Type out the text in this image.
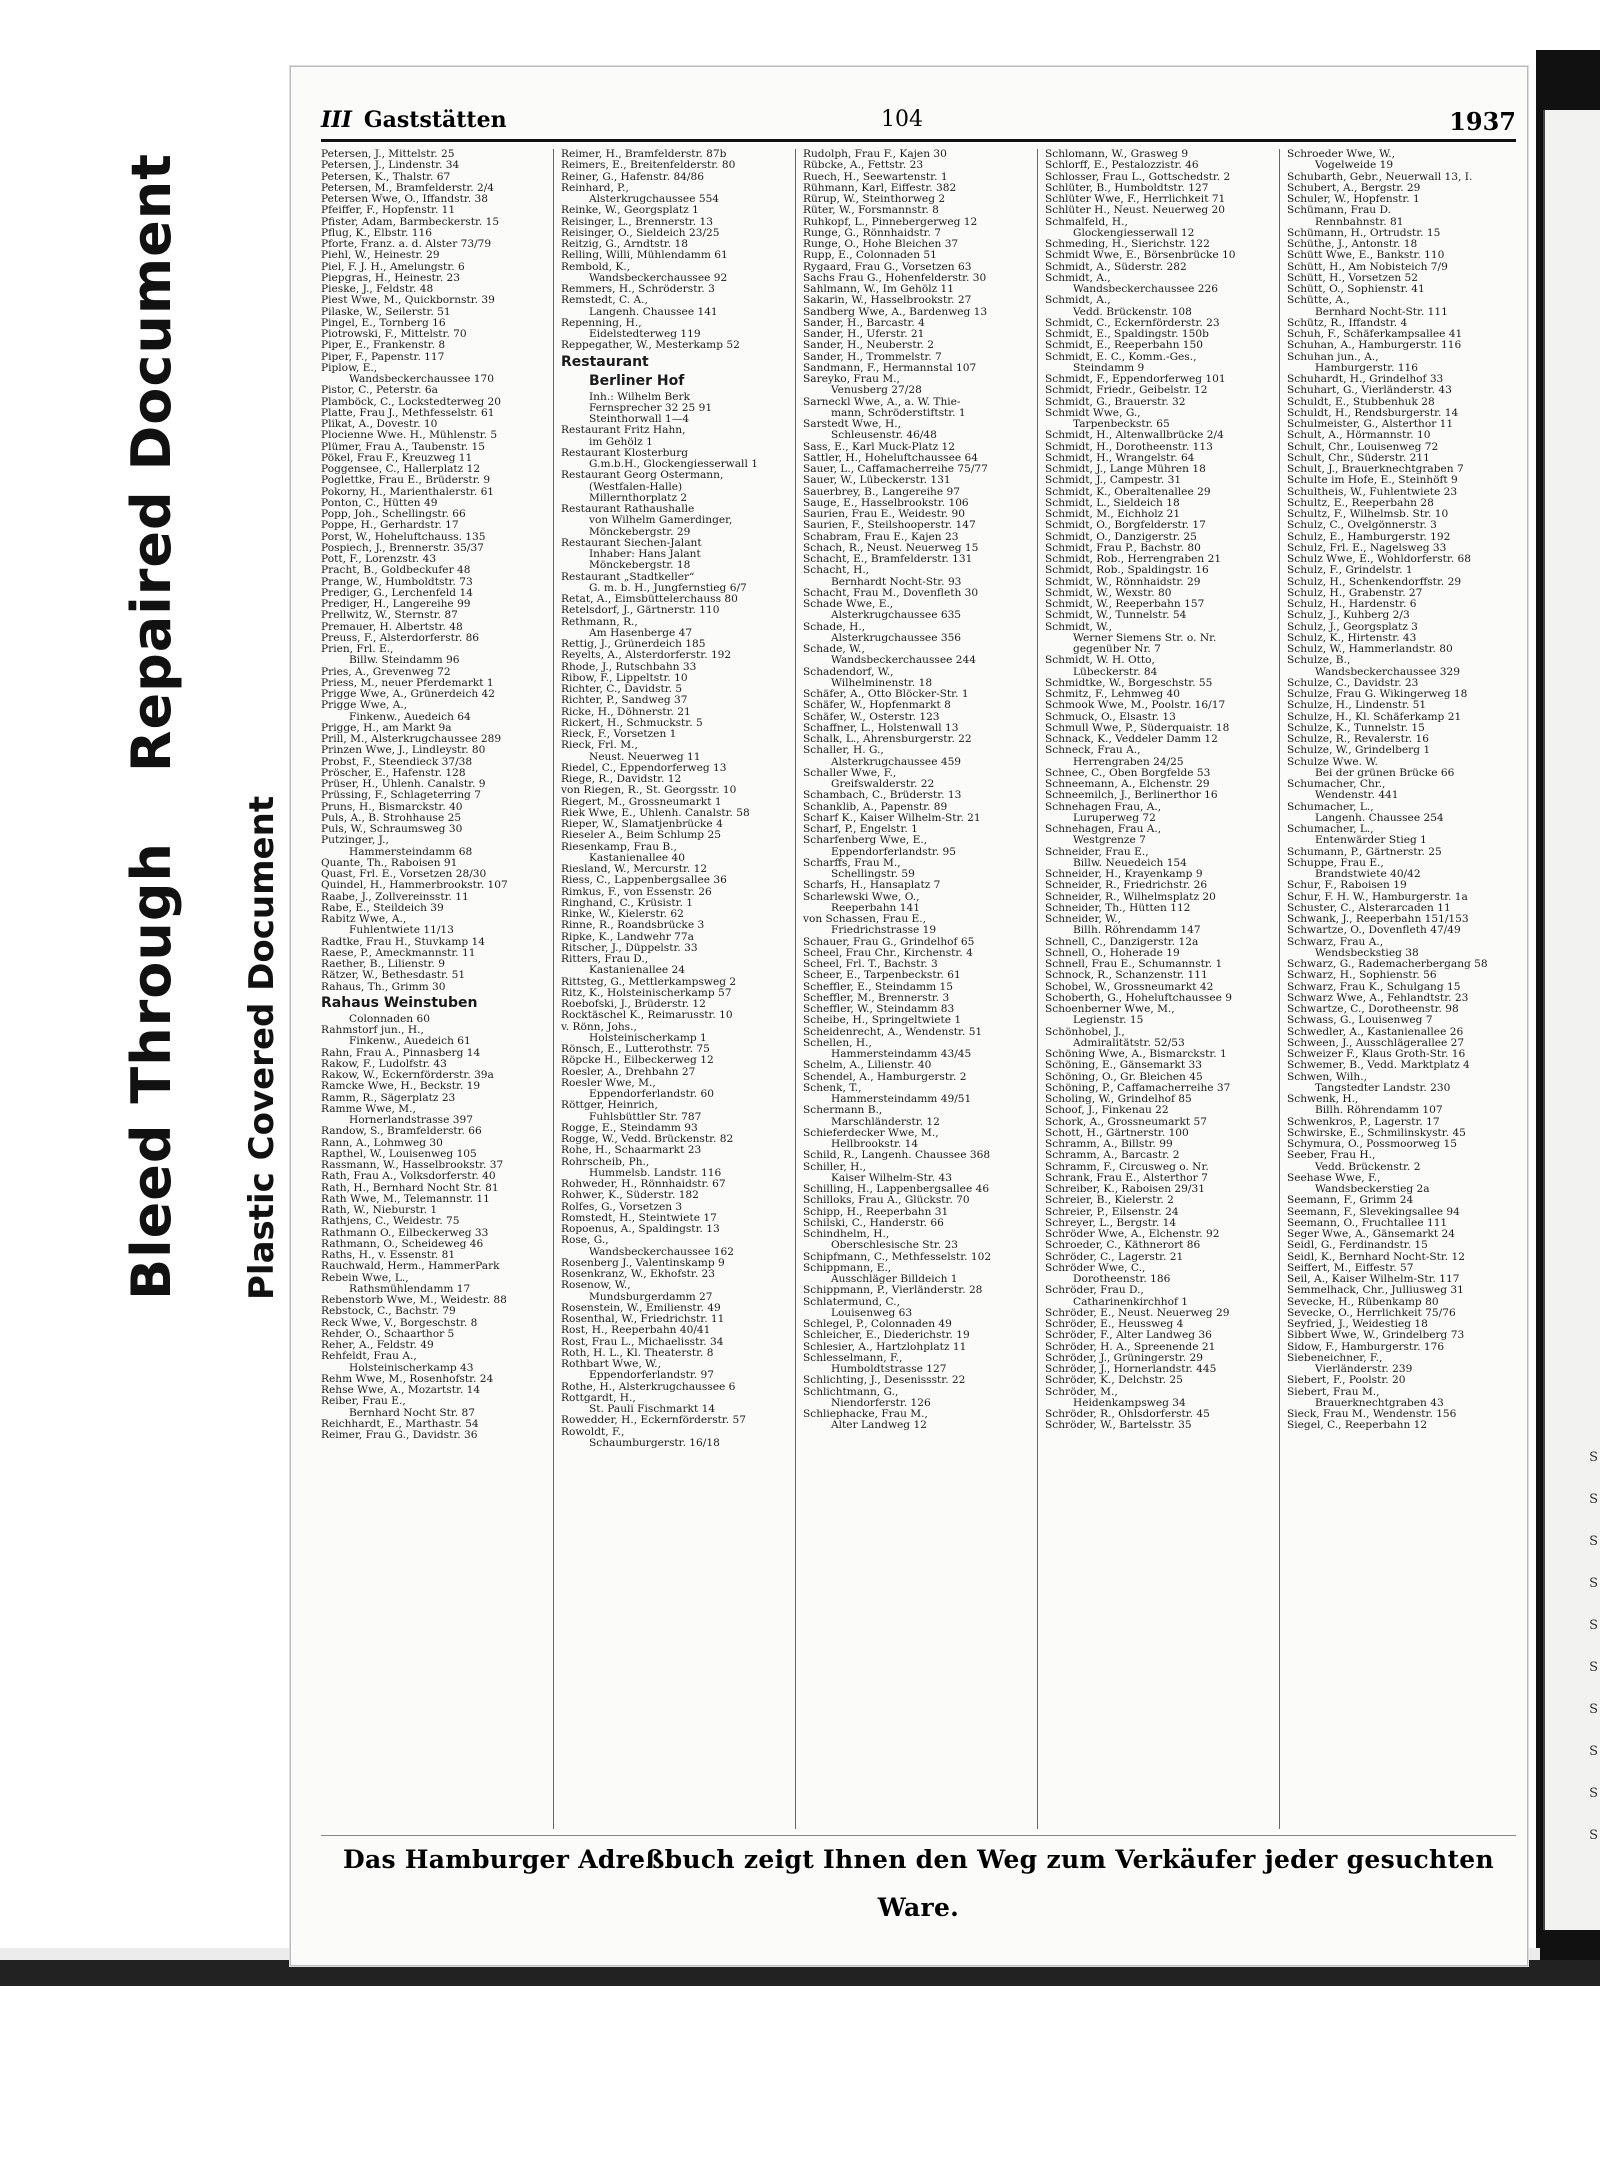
Bleed Through
Repaired Document
Plastic Covered Document
S
S
S
S
S
S
S
S
S
S
III Gaststätten	104	1937
Petersen, J., Mittelstr. 25
Petersen, J., Lindenstr. 34
Petersen, K., Thalstr. 67
Petersen, M., Bramfelderstr. 2/4
Petersen Wwe, O., Iffandstr. 38
Pfeiffer, F., Hopfenstr. 11
Pfister, Adam, Barmbeckerstr. 15
Pflug, K., Elbstr. 116
Pforte, Franz. a. d. Alster 73/79
Piehl, W., Heinestr. 29
Piel, F. J. H., Amelungstr. 6
Piepgras, H., Heinestr. 23
Pieske, J., Feldstr. 48
Piest Wwe, M., Quickbornstr. 39
Pilaske, W., Seilerstr. 51
Pingel, E., Tornberg 16
Piotrowski, F., Mittelstr. 70
Piper, E., Frankenstr. 8
Piper, F., Papenstr. 117
Piplow, E.,
Wandsbeckerchaussee 170
Pistor, C., Peterstr. 6a
Plamböck, C., Lockstedterweg 20
Platte, Frau J., Methfesselstr. 61
Plikat, A., Dovestr. 10
Plocienne Wwe. H., Mühlenstr. 5
Plümer, Frau A., Taubenstr. 15
Pökel, Frau F., Kreuzweg 11
Poggensee, C., Hallerplatz 12
Poglettke, Frau E., Brüderstr. 9
Pokorny, H., Marienthalerstr. 61
Ponton, C., Hütten 49
Popp, Joh., Schellingstr. 66
Poppe, H., Gerhardstr. 17
Porst, W., Hoheluftchauss. 135
Pospiech, J., Brennerstr. 35/37
Pott, F., Lorenzstr. 43
Pracht, B., Goldbeckufer 48
Prange, W., Humboldtstr. 73
Prediger, G., Lerchenfeld 14
Prediger, H., Langereihe 99
Prellwitz, W., Sternstr. 87
Premauer, H. Albertstr. 48
Preuss, F., Alsterdorferstr. 86
Prien, Frl. E.,
Billw. Steindamm 96
Pries, A., Grevenweg 72
Priess, M., neuer Pferdemarkt 1
Prigge Wwe, A., Grünerdeich 42
Prigge Wwe, A.,
Finkenw., Auedeich 64
Prigge, H., am Markt 9a
Prill, M., Alsterkrugchaussee 289
Prinzen Wwe, J., Lindleystr. 80
Probst, F., Steendieck 37/38
Pröscher, E., Hafenstr. 128
Prüser, H., Uhlenh. Canalstr. 9
Prüssing, F., Schlageterring 7
Pruns, H., Bismarckstr. 40
Puls, A., B. Strohhause 25
Puls, W., Schraumsweg 30
Putzinger, J.,
Hammersteindamm 68
Quante, Th., Raboisen 91
Quast, Frl. E., Vorsetzen 28/30
Quindel, H., Hammerbrookstr. 107
Raabe, J., Zollvereinsstr. 11
Rabe, E., Steildeich 39
Rabitz Wwe, A.,
Fuhlentwiete 11/13
Radtke, Frau H., Stuvkamp 14
Raese, P., Ameckmannstr. 11
Raether, B., Lilienstr. 9
Rätzer, W., Bethesdastr. 51
Rahaus, Th., Grimm 30
Rahaus Weinstuben
Colonnaden 60
Rahmstorf jun., H.,
Finkenw., Auedeich 61
Rahn, Frau A., Pinnasberg 14
Rakow, F., Ludolfstr. 43
Rakow, W., Eckernförderstr. 39a
Ramcke Wwe, H., Beckstr. 19
Ramm, R., Sägerplatz 23
Ramme Wwe, M.,
Hornerlandstrasse 397
Randow, S., Bramfelderstr. 66
Rann, A., Lohmweg 30
Rapthel, W., Louisenweg 105
Rassmann, W., Hasselbrookstr. 37
Rath, Frau A., Volksdorferstr. 40
Rath, H., Bernhard Nocht Str. 81
Rath Wwe, M., Telemannstr. 11
Rath, W., Nieburstr. 1
Rathjens, C., Weidestr. 75
Rathmann O., Eilbeckerweg 33
Rathmann, O., Scheideweg 46
Raths, H., v. Essenstr. 81
Rauchwald, Herm., HammerPark
Rebein Wwe, L.,
Rathsmühlendamm 17
Rebenstorb Wwe, M., Weidestr. 88
Rebstock, C., Bachstr. 79
Reck Wwe, V., Borgeschstr. 8
Rehder, O., Schaarthor 5
Reher, A., Feldstr. 49
Rehfeldt, Frau A.,
Holsteinischerkamp 43
Rehm Wwe, M., Rosenhofstr. 24
Rehse Wwe, A., Mozartstr. 14
Reiber, Frau E.,
Bernhard Nocht Str. 87
Reichhardt, E., Marthastr. 54
Reimer, Frau G., Davidstr. 36
Reimer, H., Bramfelderstr. 87b
Reimers, E., Breitenfelderstr. 80
Reiner, G., Hafenstr. 84/86
Reinhard, P.,
Alsterkrugchaussee 554
Reinke, W., Georgsplatz 1
Reisinger, L., Brennerstr. 13
Reisinger, O., Sieldeich 23/25
Reitzig, G., Arndtstr. 18
Relling, Willi, Mühlendamm 61
Rembold, K.,
Wandsbeckerchaussee 92
Remmers, H., Schröderstr. 3
Remstedt, C. A.,
Langenh. Chaussee 141
Repenning, H.,
Eidelstedterweg 119
Reppegather, W., Mesterkamp 52
Restaurant
Berliner Hof
Inh.: Wilhelm Berk
Fernsprecher 32 25 91
Steinthorwall 1—4
Restaurant Fritz Hahn,
im Gehölz 1
Restaurant Klosterburg
G.m.b.H., Glockengiesserwall 1
Restaurant Georg Ostermann,
(Westfalen-Halle)
Millernthorplatz 2
Restaurant Rathaushalle
von Wilhelm Gamerdinger,
Mönckebergstr. 29
Restaurant Siechen-Jalant
Inhaber: Hans Jalant
Mönckebergstr. 18
Restaurant „Stadtkeller“
G. m. b. H., Jungfernstieg 6/7
Retat, A., Eimsbüttelerchauss 80
Retelsdorf, J., Gärtnerstr. 110
Rethmann, R.,
Am Hasenberge 47
Rettig, J., Grünerdeich 185
Reyelts, A., Alsterdorferstr. 192
Rhode, J., Rutschbahn 33
Ribow, F., Lippeltstr. 10
Richter, C., Davidstr. 5
Richter, P., Sandweg 37
Ricke, H., Döhnerstr. 21
Rickert, H., Schmuckstr. 5
Rieck, F., Vorsetzen 1
Rieck, Frl. M.,
Neust. Neuerweg 11
Riedel, C., Eppendorferweg 13
Riege, R., Davidstr. 12
von Riegen, R., St. Georgsstr. 10
Riegert, M., Grossneumarkt 1
Riek Wwe, E., Uhlenh. Canalstr. 58
Rieper, W., Slamatjenbrücke 4
Rieseler A., Beim Schlump 25
Riesenkamp, Frau B.,
Kastanienallee 40
Riesland, W., Mercurstr. 12
Riess, C., Lappenbergsallee 36
Rimkus, F., von Essenstr. 26
Ringhand, C., Krüsistr. 1
Rinke, W., Kielerstr. 62
Rinne, R., Roandsbrücke 3
Ripke, K., Landwehr 77a
Ritscher, J., Düppelstr. 33
Ritters, Frau D.,
Kastanienallee 24
Rittsteg, G., Mettlerkampsweg 2
Ritz, K., Holsteinischerkamp 57
Roebofski, J., Brüderstr. 12
Rocktäschel K., Reimarusstr. 10
v. Rönn, Johs.,
Holsteinischerkamp 1
Rönsch, E., Lutterothstr. 75
Röpcke H., Eilbeckerweg 12
Roesler, A., Drehbahn 27
Roesler Wwe, M.,
Eppendorferlandstr. 60
Röttger, Heinrich,
Fuhlsbüttler Str. 787
Rogge, E., Steindamm 93
Rogge, W., Vedd. Brückenstr. 82
Rohe, H., Schaarmarkt 23
Rohrscheib, Ph.,
Hummelsb. Landstr. 116
Rohweder, H., Rönnhaidstr. 67
Rohwer, K., Süderstr. 182
Rolfes, G., Vorsetzen 3
Romstedt, H., Steintwiete 17
Ropoenus, A., Spaldingstr. 13
Rose, G.,
Wandsbeckerchaussee 162
Rosenberg J., Valentinskamp 9
Rosenkranz, W., Ekhofstr. 23
Rosenow, W.,
Mundsburgerdamm 27
Rosenstein, W., Emilienstr. 49
Rosenthal, W., Friedrichstr. 11
Rost, H., Reeperbahn 40/41
Rost, Frau L., Michaelisstr. 34
Roth, H. L., Kl. Theaterstr. 8
Rothbart Wwe, W.,
Eppendorferlandstr. 97
Rothe, H., Alsterkrugchaussee 6
Rottgardt, H.,
St. Pauli Fischmarkt 14
Rowedder, H., Eckernförderstr. 57
Rowoldt, F.,
Schaumburgerstr. 16/18
Rudolph, Frau F., Kajen 30
Rübcke, A., Fettstr. 23
Ruech, H., Seewartenstr. 1
Rühmann, Karl, Eiffestr. 382
Rürup, W., Steinthorweg 2
Rüter, W., Forsmannstr. 8
Ruhkopf, L., Pinnebergerweg 12
Runge, G., Rönnhaidstr. 7
Runge, O., Hohe Bleichen 37
Rupp, E., Colonnaden 51
Rygaard, Frau G., Vorsetzen 63
Sachs Frau G., Hohenfelderstr. 30
Sahlmann, W., Im Gehölz 11
Sakarin, W., Hasselbrookstr. 27
Sandberg Wwe, A., Bardenweg 13
Sander, H., Barcastr. 4
Sander, H., Uferstr. 21
Sander, H., Neuberstr. 2
Sander, H., Trommelstr. 7
Sandmann, F., Hermannstal 107
Sareyko, Frau M.,
Venusberg 27/28
Sarneckl Wwe, A., a. W. Thie-
mann, Schröderstiftstr. 1
Sarstedt Wwe, H.,
Schleusenstr. 46/48
Sass, E., Karl Muck-Platz 12
Sattler, H., Hoheluftchaussee 64
Sauer, L., Caffamacherreihe 75/77
Sauer, W., Lübeckerstr. 131
Sauerbrey, B., Langereihe 97
Sauge, E., Hasselbrookstr. 106
Saurien, Frau E., Weidestr. 90
Saurien, F., Steilshooperstr. 147
Schabram, Frau E., Kajen 23
Schach, R., Neust. Neuerweg 15
Schacht, E., Bramfelderstr. 131
Schacht, H.,
Bernhardt Nocht-Str. 93
Schacht, Frau M., Dovenfleth 30
Schade Wwe, E.,
Alsterkrugchaussee 635
Schade, H.,
Alsterkrugchaussee 356
Schade, W.,
Wandsbeckerchaussee 244
Schadendorf, W.,
Wilhelminenstr. 18
Schäfer, A., Otto Blöcker-Str. 1
Schäfer, W., Hopfenmarkt 8
Schäfer, W., Osterstr. 123
Schaffner, L., Holstenwall 13
Schalk, L., Ahrensburgerstr. 22
Schaller, H. G.,
Alsterkrugchaussee 459
Schaller Wwe, F.,
Greifswalderstr. 22
Schambach, C., Brüderstr. 13
Schanklib, A., Papenstr. 89
Scharf K., Kaiser Wilhelm-Str. 21
Scharf, P., Engelstr. 1
Scharfenberg Wwe, E.,
Eppendorferlandstr. 95
Scharffs, Frau M.,
Schellingstr. 59
Scharfs, H., Hansaplatz 7
Scharlewski Wwe, O.,
Reeperbahn 141
von Schassen, Frau E.,
Friedrichstrasse 19
Schauer, Frau G., Grindelhof 65
Scheel, Frau Chr., Kirchenstr. 4
Scheel, Frl. T., Bachstr. 3
Scheer, E., Tarpenbeckstr. 61
Scheffler, E., Steindamm 15
Scheffler, M., Brennerstr. 3
Scheffler, W., Steindamm 83
Scheibe, H., Springeltwiete 1
Scheidenrecht, A., Wendenstr. 51
Schellen, H.,
Hammersteindamm 43/45
Schelm, A., Lilienstr. 40
Schendel, A., Hamburgerstr. 2
Schenk, T.,
Hammersteindamm 49/51
Schermann B.,
Marschländerstr. 12
Schieferdecker Wwe, M.,
Hellbrookstr. 14
Schild, R., Langenh. Chaussee 368
Schiller, H.,
Kaiser Wilhelm-Str. 43
Schilling, H., Lappenbergsallee 46
Schilloks, Frau A., Glückstr. 70
Schipp, H., Reeperbahn 31
Schilski, C., Handerstr. 66
Schindhelm, H.,
Oberschlesische Str. 23
Schipfmann, C., Methfesselstr. 102
Schippmann, E.,
Ausschläger Billdeich 1
Schippmann, P., Vierländerstr. 28
Schlatermund, C.,
Louisenweg 63
Schlegel, P., Colonnaden 49
Schleicher, E., Diederichstr. 19
Schlesier, A., Hartzlohplatz 11
Schlesselmann, F.,
Humboldtstrasse 127
Schlichting, J., Desenissstr. 22
Schlichtmann, G.,
Niendorferstr. 126
Schliephacke, Frau M.,
Alter Landweg 12
Schlomann, W., Grasweg 9
Schlorff, E., Pestalozzistr. 46
Schlosser, Frau L., Gottschedstr. 2
Schlüter, B., Humboldtstr. 127
Schlüter Wwe, F., Herrlichkeit 71
Schlüter H., Neust. Neuerweg 20
Schmalfeld, H.,
Glockengiesserwall 12
Schmeding, H., Sierichstr. 122
Schmidt Wwe, E., Börsenbrücke 10
Schmidt, A., Süderstr. 282
Schmidt, A.,
Wandsbeckerchaussee 226
Schmidt, A.,
Vedd. Brückenstr. 108
Schmidt, C., Eckernförderstr. 23
Schmidt, E., Spaldingstr. 150b
Schmidt, E., Reeperbahn 150
Schmidt, E. C., Komm.-Ges.,
Steindamm 9
Schmidt, F., Eppendorferweg 101
Schmidt, Friedr., Geibelstr. 12
Schmidt, G., Brauerstr. 32
Schmidt Wwe, G.,
Tarpenbeckstr. 65
Schmidt, H., Altenwallbrücke 2/4
Schmidt, H., Dorotheenstr. 113
Schmidt, H., Wrangelstr. 64
Schmidt, J., Lange Mühren 18
Schmidt, J., Campestr. 31
Schmidt, K., Oberaltenallee 29
Schmidt, L., Sieldeich 18
Schmidt, M., Eichholz 21
Schmidt, O., Borgfelderstr. 17
Schmidt, O., Danzigerstr. 25
Schmidt, Frau P., Bachstr. 80
Schmidt, Rob., Herrengraben 21
Schmidt, Rob., Spaldingstr. 16
Schmidt, W., Rönnhaidstr. 29
Schmidt, W., Wexstr. 80
Schmidt, W., Reeperbahn 157
Schmidt, W., Tunnelstr. 54
Schmidt, W.,
Werner Siemens Str. o. Nr.
gegenüber Nr. 7
Schmidt, W. H. Otto,
Lübeckerstr. 84
Schmidtke, W., Borgeschstr. 55
Schmitz, F., Lehmweg 40
Schmook Wwe, M., Poolstr. 16/17
Schmuck, O., Elsastr. 13
Schmull Wwe, P., Süderquaistr. 18
Schnack, K., Veddeler Damm 12
Schneck, Frau A.,
Herrengraben 24/25
Schnee, C., Oben Borgfelde 53
Schneemann, A., Elchenstr. 29
Schneemilch, J., Berlinerthor 16
Schnehagen Frau, A.,
Luruperweg 72
Schnehagen, Frau A.,
Westgrenze 7
Schneider, Frau E.,
Billw. Neuedeich 154
Schneider, H., Krayenkamp 9
Schneider, R., Friedrichstr. 26
Schneider, R., Wilhelmsplatz 20
Schneider, Th., Hütten 112
Schneider, W.,
Billh. Röhrendamm 147
Schnell, C., Danzigerstr. 12a
Schnell, O., Hoherade 19
Schnell, Frau E., Schumannstr. 1
Schnock, R., Schanzenstr. 111
Schobel, W., Grossneumarkt 42
Schoberth, G., Hoheluftchaussee 9
Schoenberner Wwe, M.,
Legienstr. 15
Schönhobel, J.,
Admiralitätstr. 52/53
Schöning Wwe, A., Bismarckstr. 1
Schöning, E., Gänsemarkt 33
Schöning, O., Gr. Bleichen 45
Schöning, P., Caffamacherreihe 37
Scholing, W., Grindelhof 85
Schoof, J., Finkenau 22
Schork, A., Grossneumarkt 57
Schott, H., Gärtnerstr. 100
Schramm, A., Billstr. 99
Schramm, A., Barcastr. 2
Schramm, F., Circusweg o. Nr.
Schrank, Frau E., Alsterthor 7
Schreiber, K., Raboisen 29/31
Schreier, B., Kielerstr. 2
Schreier, P., Eilsenstr. 24
Schreyer, L., Bergstr. 14
Schröder Wwe, A., Elchenstr. 92
Schroeder, C., Käthnerort 86
Schröder, C., Lagerstr. 21
Schröder Wwe, C.,
Dorotheenstr. 186
Schröder, Frau D.,
Catharinenkirchhof 1
Schröder, E., Neust. Neuerweg 29
Schröder, E., Heussweg 4
Schröder, F., Alter Landweg 36
Schröder, H. A., Spreenende 21
Schröder, J., Grüningerstr. 29
Schröder, J., Hornerlandstr. 445
Schröder, K., Delchstr. 25
Schröder, M.,
Heidenkampsweg 34
Schröder, R., Ohlsdorferstr. 45
Schröder, W., Bartelsstr. 35
Schroeder Wwe, W.,
Vogelweide 19
Schubarth, Gebr., Neuerwall 13, I.
Schubert, A., Bergstr. 29
Schuler, W., Hopfenstr. 1
Schümann, Frau D.
Rennbahnstr. 81
Schümann, H., Ortrudstr. 15
Schüthe, J., Antonstr. 18
Schütt Wwe, E., Bankstr. 110
Schütt, H., Am Nobisteich 7/9
Schütt, H., Vorsetzen 52
Schütt, O., Sophienstr. 41
Schütte, A.,
Bernhard Nocht-Str. 111
Schütz, R., Iffandstr. 4
Schuh, F., Schäferkampsallee 41
Schuhan, A., Hamburgerstr. 116
Schuhan jun., A.,
Hamburgerstr. 116
Schuhardt, H., Grindelhof 33
Schuhart, G., Vierländerstr. 43
Schuldt, E., Stubbenhuk 28
Schuldt, H., Rendsburgerstr. 14
Schulmeister, G., Alsterthor 11
Schult, A., Hörmannstr. 10
Schult, Chr., Louisenweg 72
Schult, Chr., Süderstr. 211
Schult, J., Brauerknechtgraben 7
Schulte im Hofe, E., Steinhöft 9
Schultheis, W., Fuhlentwiete 23
Schultz, E., Reeperbahn 28
Schultz, F., Wilhelmsb. Str. 10
Schulz, C., Ovelgönnerstr. 3
Schulz, E., Hamburgerstr. 192
Schulz, Frl. E., Nagelsweg 33
Schulz Wwe, E., Wohldorferstr. 68
Schulz, F., Grindelstr. 1
Schulz, H., Schenkendorffstr. 29
Schulz, H., Grabenstr. 27
Schulz, H., Hardenstr. 6
Schulz, J., Kuhberg 2/3
Schulz, J., Georgsplatz 3
Schulz, K., Hirtenstr. 43
Schulz, W., Hammerlandstr. 80
Schulze, B.,
Wandsbeckerchaussee 329
Schulze, C., Davidstr. 23
Schulze, Frau G. Wikingerweg 18
Schulze, H., Lindenstr. 51
Schulze, H., Kl. Schäferkamp 21
Schulze, K., Tunnelstr. 15
Schulze, R., Revalerstr. 16
Schulze, W., Grindelberg 1
Schulze Wwe. W.
Bei der grünen Brücke 66
Schumacher, Chr.,
Wendenstr. 441
Schumacher, L.,
Langenh. Chaussee 254
Schumacher, L.,
Entenwärder Stieg 1
Schumann, P., Gärtnerstr. 25
Schuppe, Frau E.,
Brandstwiete 40/42
Schur, F., Raboisen 19
Schur, F. H. W., Hamburgerstr. 1a
Schuster, C., Alsterarcaden 11
Schwank, J., Reeperbahn 151/153
Schwartze, O., Dovenfleth 47/49
Schwarz, Frau A.,
Wendsbeckstieg 38
Schwarz, G., Rademacherbergang 58
Schwarz, H., Sophienstr. 56
Schwarz, Frau K., Schulgang 15
Schwarz Wwe, A., Fehlandtstr. 23
Schwartze, C., Dorotheenstr. 98
Schwass, G., Louisenweg 7
Schwedler, A., Kastanienallee 26
Schween, J., Ausschlägerallee 27
Schweizer F., Klaus Groth-Str. 16
Schwemer, B., Vedd. Marktplatz 4
Schwen, Wilh.,
Tangstedter Landstr. 230
Schwenk, H.,
Billh. Röhrendamm 107
Schwenkros, P., Lagerstr. 17
Schwirske, E., Schmilinskystr. 45
Schymura, O., Possmoorweg 15
Seeber, Frau H.,
Vedd. Brückenstr. 2
Seehase Wwe, F.,
Wandsbeckerstieg 2a
Seemann, F., Grimm 24
Seemann, F., Slevekingsallee 94
Seemann, O., Fruchtallee 111
Seger Wwe, A., Gänsemarkt 24
Seidl, G., Ferdinandstr. 15
Seidl, K., Bernhard Nocht-Str. 12
Seiffert, M., Eiffestr. 57
Seil, A., Kaiser Wilhelm-Str. 117
Semmelhack, Chr., Julliusweg 31
Sevecke, H., Rübenkamp 80
Sevecke, O., Herrlichkeit 75/76
Seyfried, J., Weidestieg 18
Sibbert Wwe, W., Grindelberg 73
Sidow, F., Hamburgerstr. 176
Siebeneichner, F.,
Vierländerstr. 239
Siebert, F., Poolstr. 20
Siebert, Frau M.,
Brauerknechtgraben 43
Sieck, Frau M., Wendenstr. 156
Siegel, C., Reeperbahn 12
Das Hamburger Adreßbuch zeigt Ihnen den Weg zum Verkäufer jeder gesuchten Ware.
